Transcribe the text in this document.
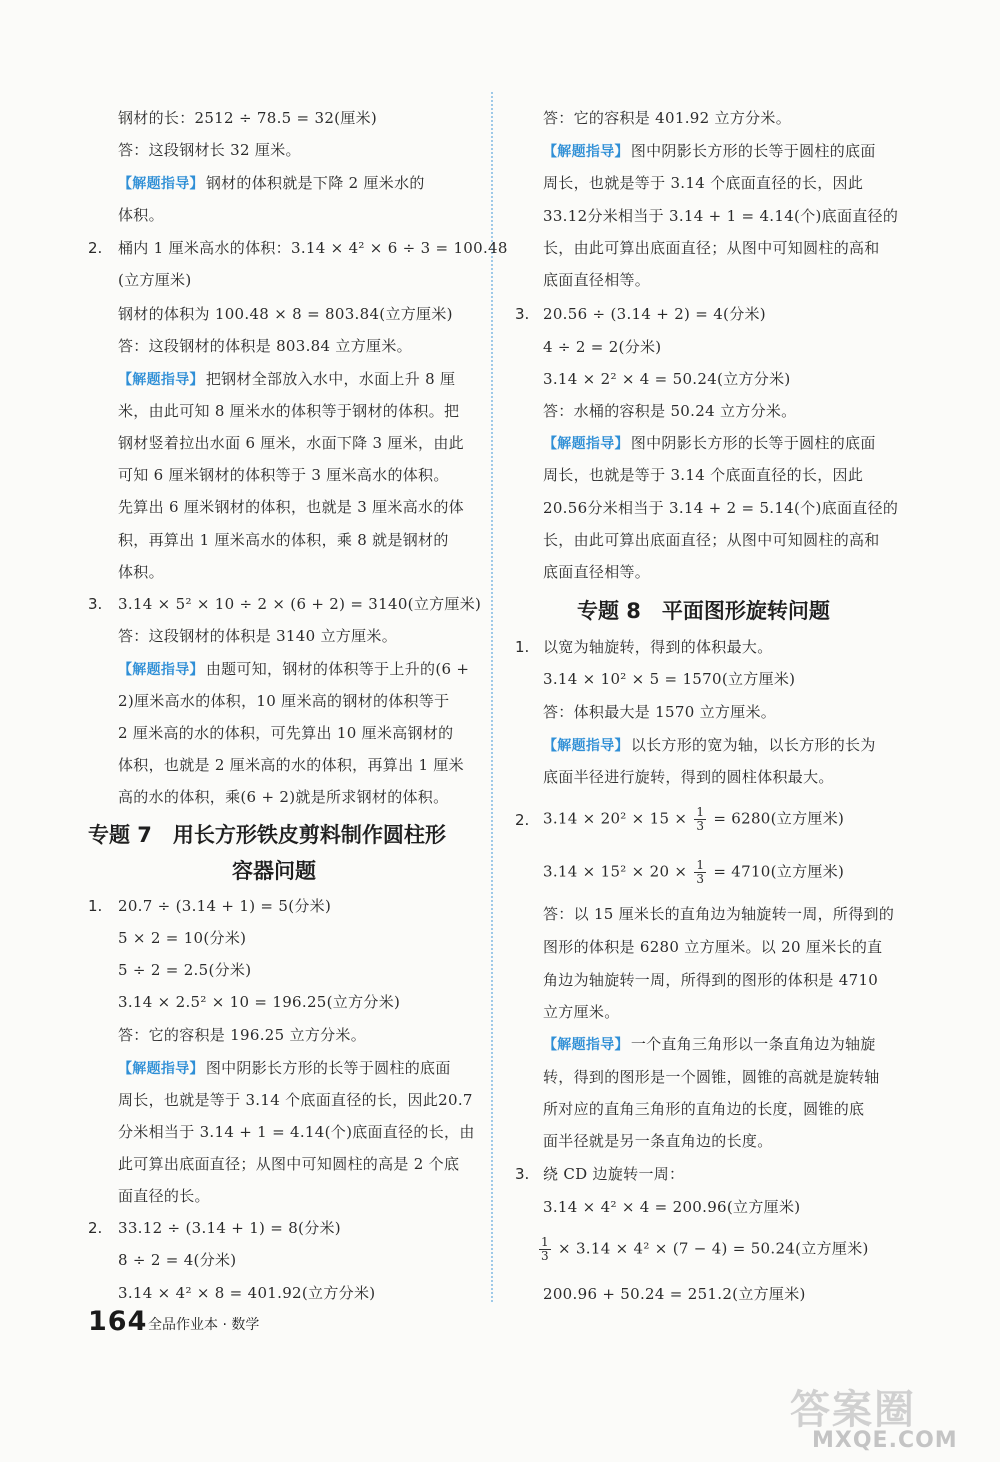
钢材的长：2512 ÷ 78.5 = 32(厘米)
答：这段钢材长 32 厘米。
【解题指导】 钢材的体积就是下降 2 厘米水的
体积。
2. 桶内 1 厘米高水的体积：3.14 × 4² × 6 ÷ 3 = 100.48
(立方厘米)
钢材的体积为 100.48 × 8 = 803.84(立方厘米)
答：这段钢材的体积是 803.84 立方厘米。
【解题指导】 把钢材全部放入水中，水面上升 8 厘
米，由此可知 8 厘米水的体积等于钢材的体积。把
钢材竖着拉出水面 6 厘米，水面下降 3 厘米，由此
可知 6 厘米钢材的体积等于 3 厘米高水的体积。
先算出 6 厘米钢材的体积，也就是 3 厘米高水的体
积，再算出 1 厘米高水的体积，乘 8 就是钢材的
体积。
3. 3.14 × 5² × 10 ÷ 2 × (6 + 2) = 3140(立方厘米)
答：这段钢材的体积是 3140 立方厘米。
【解题指导】 由题可知，钢材的体积等于上升的(6 +
2)厘米高水的体积，10 厘米高的钢材的体积等于
2 厘米高的水的体积，可先算出 10 厘米高钢材的
体积，也就是 2 厘米高的水的体积，再算出 1 厘米
高的水的体积，乘(6 + 2)就是所求钢材的体积。
专题 7　用长方形铁皮剪料制作圆柱形
容器问题
1. 20.7 ÷ (3.14 + 1) = 5(分米)
5 × 2 = 10(分米)
5 ÷ 2 = 2.5(分米)
3.14 × 2.5² × 10 = 196.25(立方分米)
答：它的容积是 196.25 立方分米。
【解题指导】 图中阴影长方形的长等于圆柱的底面
周长，也就是等于 3.14 个底面直径的长，因此20.7
分米相当于 3.14 + 1 = 4.14(个)底面直径的长，由
此可算出底面直径；从图中可知圆柱的高是 2 个底
面直径的长。
2. 33.12 ÷ (3.14 + 1) = 8(分米)
8 ÷ 2 = 4(分米)
3.14 × 4² × 8 = 401.92(立方分米)
答：它的容积是 401.92 立方分米。
【解题指导】 图中阴影长方形的长等于圆柱的底面
周长，也就是等于 3.14 个底面直径的长，因此
33.12分米相当于 3.14 + 1 = 4.14(个)底面直径的
长，由此可算出底面直径；从图中可知圆柱的高和
底面直径相等。
3. 20.56 ÷ (3.14 + 2) = 4(分米)
4 ÷ 2 = 2(分米)
3.14 × 2² × 4 = 50.24(立方分米)
答：水桶的容积是 50.24 立方分米。
【解题指导】 图中阴影长方形的长等于圆柱的底面
周长，也就是等于 3.14 个底面直径的长，因此
20.56分米相当于 3.14 + 2 = 5.14(个)底面直径的
长，由此可算出底面直径；从图中可知圆柱的高和
底面直径相等。
专题 8　平面图形旋转问题
1. 以宽为轴旋转，得到的体积最大。
3.14 × 10² × 5 = 1570(立方厘米)
答：体积最大是 1570 立方厘米。
【解题指导】 以长方形的宽为轴，以长方形的长为
底面半径进行旋转，得到的圆柱体积最大。
2. $3.14 \times 20^2 \times 15 \times \frac{1}{3} = 6280$(立方厘米)
$3.14 \times 15^2 \times 20 \times \frac{1}{3} = 4710$(立方厘米)
答：以 15 厘米长的直角边为轴旋转一周，所得到的
图形的体积是 6280 立方厘米。以 20 厘米长的直
角边为轴旋转一周，所得到的图形的体积是 4710
立方厘米。
【解题指导】 一个直角三角形以一条直角边为轴旋
转，得到的图形是一个圆锥，圆锥的高就是旋转轴
所对应的直角三角形的直角边的长度，圆锥的底
面半径就是另一条直角边的长度。
3. 绕 CD 边旋转一周：
3.14 × 4² × 4 = 200.96(立方厘米)
$\frac{1}{3} \times 3.14 \times 4^2 \times (7 - 4) = 50.24$(立方厘米)
200.96 + 50.24 = 251.2(立方厘米)
164 全品作业本 · 数学
答案圈
MXQE.COM
